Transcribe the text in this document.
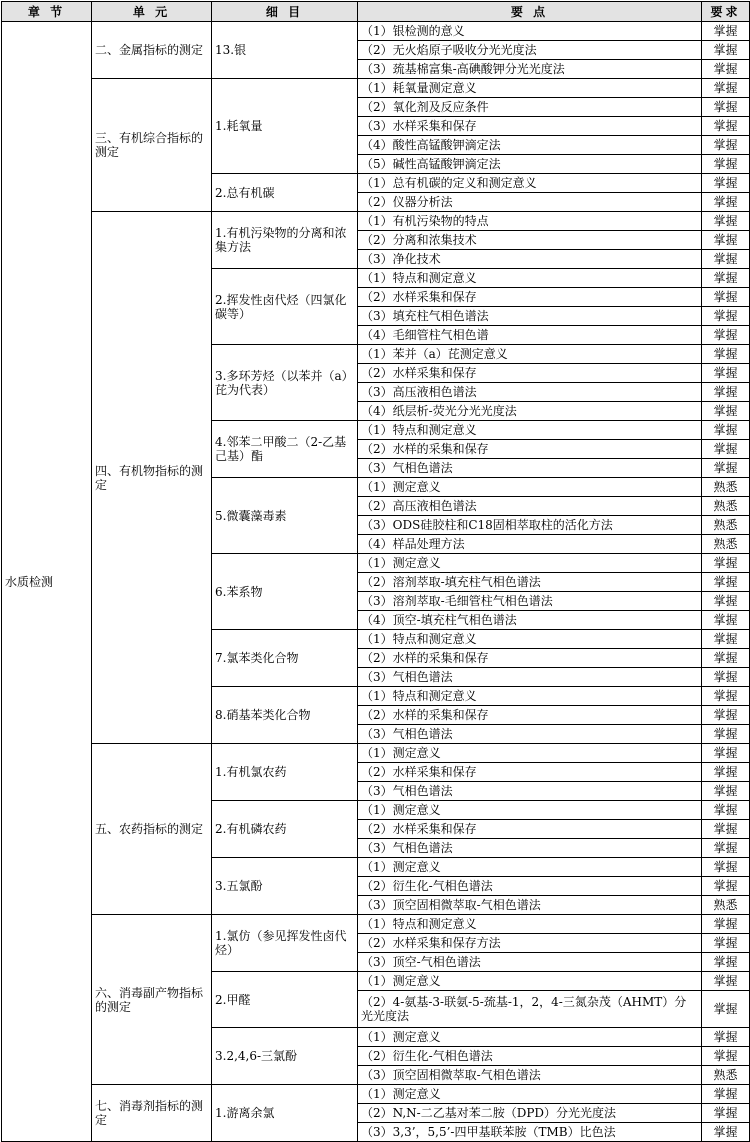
章 节	单 元	细 目	要 点	要求
水质检测	二、金属指标的测定	13.银	（1）银检测的意义	掌握
			（2）无火焰原子吸收分光光度法	掌握
			（3）巯基棉富集-高碘酸钾分光光度法	掌握
	三、有机综合指标的测定	1.耗氧量	（1）耗氧量测定意义	掌握
			（2）氧化剂及反应条件	掌握
			（3）水样采集和保存	掌握
			（4）酸性高锰酸钾滴定法	掌握
			（5）碱性高锰酸钾滴定法	掌握
		2.总有机碳	（1）总有机碳的定义和测定意义	掌握
			（2）仪器分析法	掌握
	四、有机物指标的测定	1.有机污染物的分离和浓集方法	（1）有机污染物的特点	掌握
			（2）分离和浓集技术	掌握
			（3）净化技术	掌握
		2.挥发性卤代烃（四氯化碳等）	（1）特点和测定意义	掌握
			（2）水样采集和保存	掌握
			（3）填充柱气相色谱法	掌握
			（4）毛细管柱气相色谱	掌握
		3.多环芳烃（以苯并（a）芘为代表）	（1）苯并（a）芘测定意义	掌握
			（2）水样采集和保存	掌握
			（3）高压液相色谱法	掌握
			（4）纸层析-荧光分光光度法	掌握
		4.邻苯二甲酸二（2-乙基己基）酯	（1）特点和测定意义	掌握
			（2）水样的采集和保存	掌握
			（3）气相色谱法	掌握
		5.微囊藻毒素	（1）测定意义	熟悉
			（2）高压液相色谱法	熟悉
			（3）ODS硅胶柱和C18固相萃取柱的活化方法	熟悉
			（4）样品处理方法	熟悉
		6.苯系物	（1）测定意义	掌握
			（2）溶剂萃取-填充柱气相色谱法	掌握
			（3）溶剂萃取-毛细管柱气相色谱法	掌握
			（4）顶空-填充柱气相色谱法	掌握
		7.氯苯类化合物	（1）特点和测定意义	掌握
			（2）水样的采集和保存	掌握
			（3）气相色谱法	掌握
		8.硝基苯类化合物	（1）特点和测定意义	掌握
			（2）水样的采集和保存	掌握
			（3）气相色谱法	掌握
	五、农药指标的测定	1.有机氯农药	（1）测定意义	掌握
			（2）水样采集和保存	掌握
			（3）气相色谱法	掌握
		2.有机磷农药	（1）测定意义	掌握
			（2）水样采集和保存	掌握
			（3）气相色谱法	掌握
		3.五氯酚	（1）测定意义	掌握
			（2）衍生化-气相色谱法	掌握
			（3）顶空固相微萃取-气相色谱法	熟悉
	六、消毒副产物指标的测定	1.氯仿（参见挥发性卤代烃）	（1）特点和测定意义	掌握
			（2）水样采集和保存方法	掌握
			（3）顶空-气相色谱法	掌握
		2.甲醛	（1）测定意义	掌握
			（2）4-氨基-3-联氨-5-巯基-1，2，4-三氮杂茂（AHMT）分光光度法	掌握
		3.2,4,6-三氯酚	（1）测定意义	掌握
			（2）衍生化-气相色谱法	掌握
			（3）顶空固相微萃取-气相色谱法	熟悉
	七、消毒剂指标的测定	1.游离余氯	（1）测定意义	掌握
			（2）N,N-二乙基对苯二胺（DPD）分光光度法	掌握
			（3）3,3’，5,5’-四甲基联苯胺（TMB）比色法	掌握
